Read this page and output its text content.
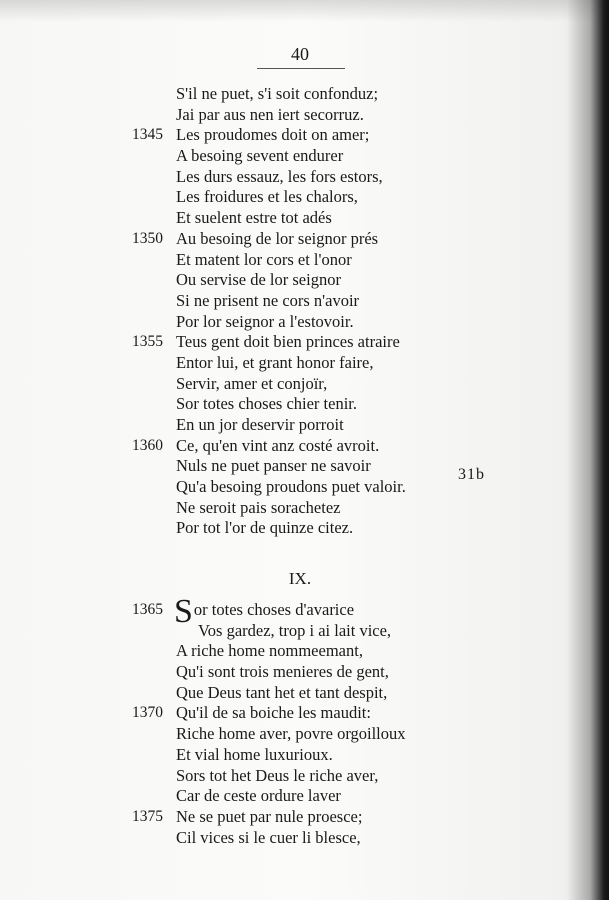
40
S'il ne puet, s'i soit confonduz;
Jai par aus nen iert secorruz.
1345 Les proudomes doit on amer;
A besoing sevent endurer
Les durs essauz, les fors estors,
Les froidures et les chalors,
Et suelent estre tot adés
1350 Au besoing de lor seignor prés
Et matent lor cors et l'onor
Ou servise de lor seignor
Si ne prisent ne cors n'avoir
Por lor seignor a l'estovoir.
1355 Teus gent doit bien princes atraire
Entor lui, et grant honor faire,
Servir, amer et conjoïr,
Sor totes choses chier tenir.
En un jor deservir porroit
1360 Ce, qu'en vint anz costé avroit.
Nuls ne puet panser ne savoir
Qu'a besoing proudons puet valoir.
Ne seroit pais sorachetez
Por tot l'or de quinze citez.
31b
IX.
1365 Sor totes choses d'avarice
Vos gardez, trop i ai lait vice,
A riche home nommeemant,
Qu'i sont trois menieres de gent,
Que Deus tant het et tant despit,
1370 Qu'il de sa boiche les maudit:
Riche home aver, povre orgoilloux
Et vial home luxurioux.
Sors tot het Deus le riche aver,
Car de ceste ordure laver
1375 Ne se puet par nule proesce;
Cil vices si le cuer li blesce,
